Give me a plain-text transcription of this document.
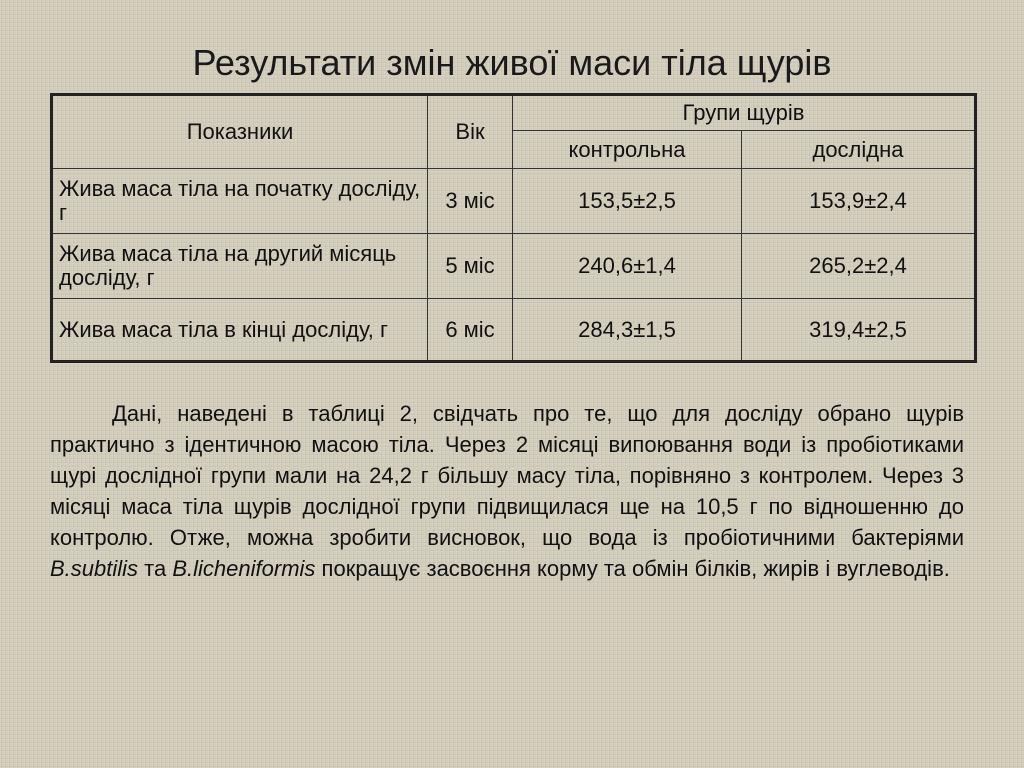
Результати змін живої маси тіла щурів
Показники	Вік	Групи щурів	
		контрольна	дослідна
Жива маса тіла на початку досліду, г	3 міс	153,5±2,5	153,9±2,4
Жива маса тіла на другий місяць досліду, г	5 міс	240,6±1,4	265,2±2,4
Жива маса тіла в кінці досліду, г	6 міс	284,3±1,5	319,4±2,5

Дані, наведені в таблиці 2, свідчать про те, що для досліду обрано щурів практично з ідентичною масою тіла. Через 2 місяці випоювання води із пробіотиками щурі дослідної групи мали на 24,2 г більшу масу тіла, порівняно з контролем. Через 3 місяці маса тіла щурів дослідної групи підвищилася ще на 10,5 г по відношенню до контролю. Отже, можна зробити висновок, що вода із пробіотичними бактеріями B.subtilis та B.licheniformis покращує засвоєння корму та обмін білків, жирів і вуглеводів.
